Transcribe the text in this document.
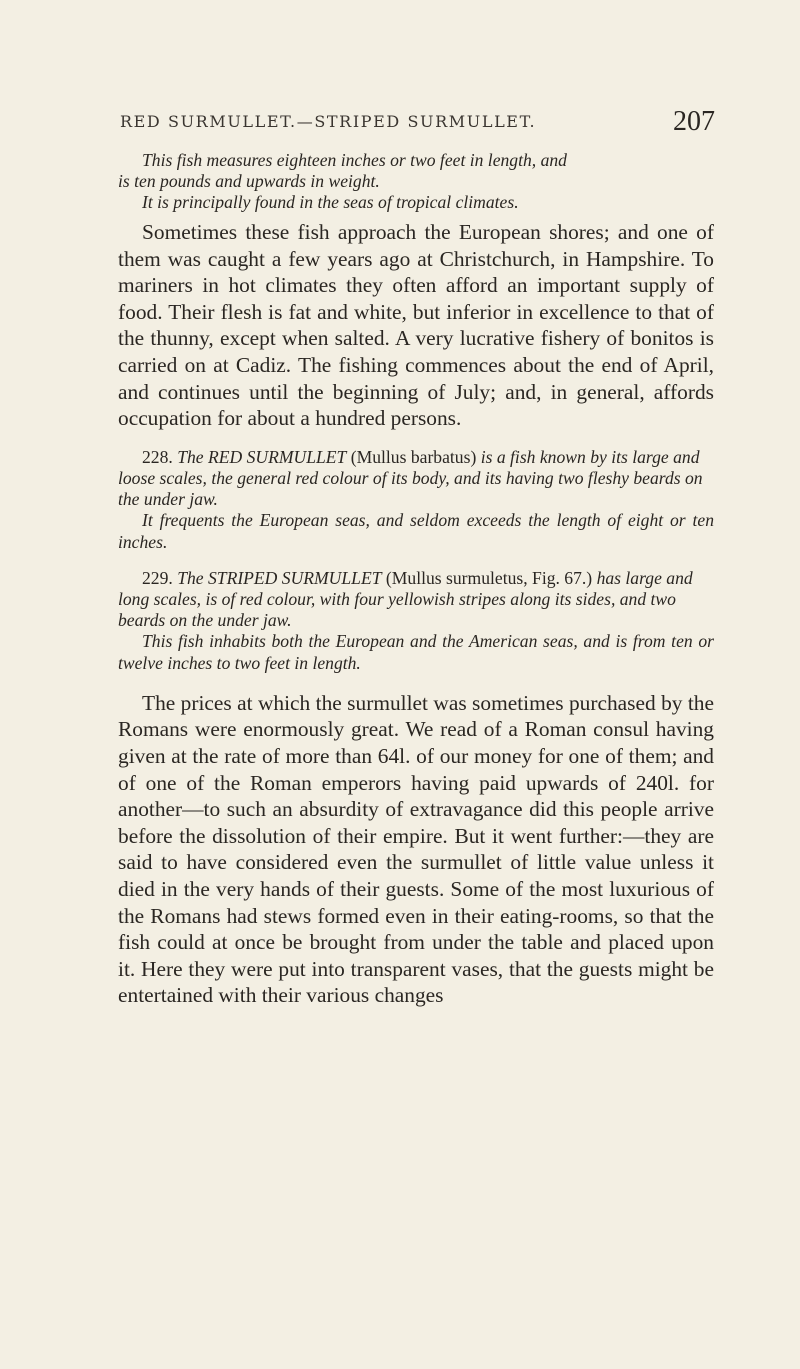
RED SURMULLET.—STRIPED SURMULLET.	207
This fish measures eighteen inches or two feet in length, and
is ten pounds and upwards in weight.
It is principally found in the seas of tropical climates.

Sometimes these fish approach the European shores; and one of them was caught a few years ago at Christchurch, in Hampshire. To mariners in hot climates they often afford an important supply of food. Their flesh is fat and white, but inferior in excellence to that of the thunny, except when salted. A very lucrative fishery of bonitos is carried on at Cadiz. The fishing commences about the end of April, and continues until the beginning of July; and, in general, affords occupation for about a hundred persons.

228. The RED SURMULLET (Mullus barbatus) is a fish known by its large and loose scales, the general red colour of its body, and its having two fleshy beards on the under jaw.

It frequents the European seas, and seldom exceeds the length of eight or ten inches.

229. The STRIPED SURMULLET (Mullus surmuletus, Fig. 67.) has large and long scales, is of red colour, with four yellowish stripes along its sides, and two beards on the under jaw.

This fish inhabits both the European and the American seas, and is from ten or twelve inches to two feet in length.

The prices at which the surmullet was sometimes purchased by the Romans were enormously great. We read of a Roman consul having given at the rate of more than 64l. of our money for one of them; and of one of the Roman emperors having paid upwards of 240l. for another—to such an absurdity of extravagance did this people arrive before the dissolution of their empire. But it went further:—they are said to have considered even the surmullet of little value unless it died in the very hands of their guests. Some of the most luxurious of the Romans had stews formed even in their eating-rooms, so that the fish could at once be brought from under the table and placed upon it. Here they were put into transparent vases, that the guests might be entertained with their various changes
